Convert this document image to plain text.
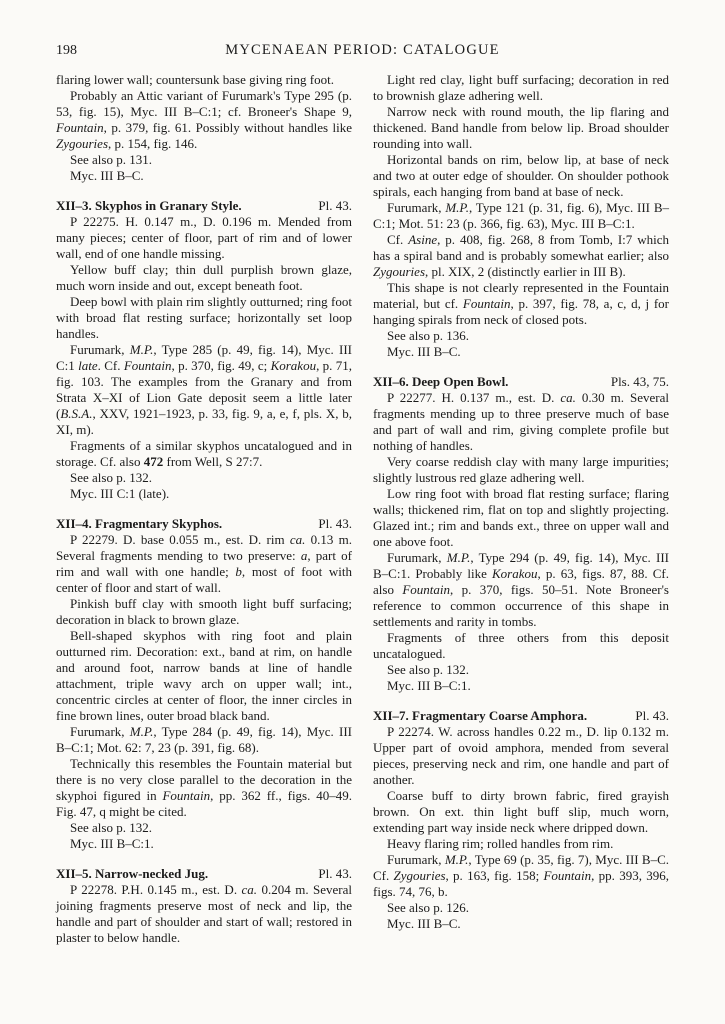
198	MYCENAEAN PERIOD: CATALOGUE

flaring lower wall; countersunk base giving ring foot.

Probably an Attic variant of Furumark's Type 295 (p. 53, fig. 15), Myc. III B–C:1; cf. Broneer's Shape 9, Fountain, p. 379, fig. 61. Possibly without handles like Zygouries, p. 154, fig. 146.

See also p. 131.

Myc. III B–C.

XII–3. Skyphos in Granary Style.	Pl. 43.

P 22275. H. 0.147 m., D. 0.196 m. Mended from many pieces; center of floor, part of rim and of lower wall, end of one handle missing.

Yellow buff clay; thin dull purplish brown glaze, much worn inside and out, except beneath foot.

Deep bowl with plain rim slightly outturned; ring foot with broad flat resting surface; horizontally set loop handles.

Furumark, M.P., Type 285 (p. 49, fig. 14), Myc. III C:1 late. Cf. Fountain, p. 370, fig. 49, c; Korakou, p. 71, fig. 103. The examples from the Granary and from Strata X–XI of Lion Gate deposit seem a little later (B.S.A., XXV, 1921–1923, p. 33, fig. 9, a, e, f, pls. X, b, XI, m).

Fragments of a similar skyphos uncatalogued and in storage. Cf. also 472 from Well, S 27:7.

See also p. 132.

Myc. III C:1 (late).

XII–4. Fragmentary Skyphos.	Pl. 43.

P 22279. D. base 0.055 m., est. D. rim ca. 0.13 m. Several fragments mending to two preserve: a, part of rim and wall with one handle; b, most of foot with center of floor and start of wall.

Pinkish buff clay with smooth light buff surfacing; decoration in black to brown glaze.

Bell-shaped skyphos with ring foot and plain outturned rim. Decoration: ext., band at rim, on handle and around foot, narrow bands at line of handle attachment, triple wavy arch on upper wall; int., concentric circles at center of floor, the inner circles in fine brown lines, outer broad black band.

Furumark, M.P., Type 284 (p. 49, fig. 14), Myc. III B–C:1; Mot. 62: 7, 23 (p. 391, fig. 68).

Technically this resembles the Fountain material but there is no very close parallel to the decoration in the skyphoi figured in Fountain, pp. 362 ff., figs. 40–49. Fig. 47, q might be cited.

See also p. 132.

Myc. III B–C:1.

XII–5. Narrow-necked Jug.	Pl. 43.

P 22278. P.H. 0.145 m., est. D. ca. 0.204 m. Several joining fragments preserve most of neck and lip, the handle and part of shoulder and start of wall; restored in plaster to below handle.

Light red clay, light buff surfacing; decoration in red to brownish glaze adhering well.

Narrow neck with round mouth, the lip flaring and thickened. Band handle from below lip. Broad shoulder rounding into wall.

Horizontal bands on rim, below lip, at base of neck and two at outer edge of shoulder. On shoulder pothook spirals, each hanging from band at base of neck.

Furumark, M.P., Type 121 (p. 31, fig. 6), Myc. III B–C:1; Mot. 51: 23 (p. 366, fig. 63), Myc. III B–C:1.

Cf. Asine, p. 408, fig. 268, 8 from Tomb, I:7 which has a spiral band and is probably somewhat earlier; also Zygouries, pl. XIX, 2 (distinctly earlier in III B).

This shape is not clearly represented in the Fountain material, but cf. Fountain, p. 397, fig. 78, a, c, d, j for hanging spirals from neck of closed pots.

See also p. 136.

Myc. III B–C.

XII–6. Deep Open Bowl.	Pls. 43, 75.

P 22277. H. 0.137 m., est. D. ca. 0.30 m. Several fragments mending up to three preserve much of base and part of wall and rim, giving complete profile but nothing of handles.

Very coarse reddish clay with many large impurities; slightly lustrous red glaze adhering well.

Low ring foot with broad flat resting surface; flaring walls; thickened rim, flat on top and slightly projecting. Glazed int.; rim and bands ext., three on upper wall and one above foot.

Furumark, M.P., Type 294 (p. 49, fig. 14), Myc. III B–C:1. Probably like Korakou, p. 63, figs. 87, 88. Cf. also Fountain, p. 370, figs. 50–51. Note Broneer's reference to common occurrence of this shape in settlements and rarity in tombs.

Fragments of three others from this deposit uncatalogued.

See also p. 132.

Myc. III B–C:1.

XII–7. Fragmentary Coarse Amphora.	Pl. 43.

P 22274. W. across handles 0.22 m., D. lip 0.132 m. Upper part of ovoid amphora, mended from several pieces, preserving neck and rim, one handle and part of another.

Coarse buff to dirty brown fabric, fired grayish brown. On ext. thin light buff slip, much worn, extending part way inside neck where dripped down.

Heavy flaring rim; rolled handles from rim.

Furumark, M.P., Type 69 (p. 35, fig. 7), Myc. III B–C. Cf. Zygouries, p. 163, fig. 158; Fountain, pp. 393, 396, figs. 74, 76, b.

See also p. 126.

Myc. III B–C.
